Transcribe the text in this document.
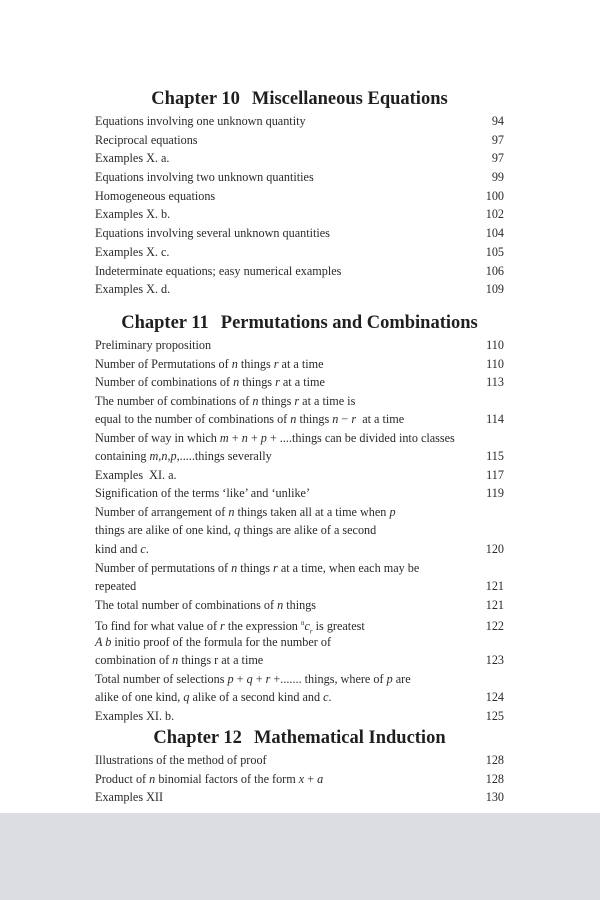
Chapter 10 Miscellaneous Equations
Equations involving one unknown quantity	94
Reciprocal equations	97
Examples X. a.	97
Equations involving two unknown quantities	99
Homogeneous equations	100
Examples X. b.	102
Equations involving several unknown quantities	104
Examples X. c.	105
Indeterminate equations; easy numerical examples	106
Examples X. d.	109
Chapter 11 Permutations and Combinations
Preliminary proposition	110
Number of Permutations of n things r at a time	110
Number of combinations of n things r at a time	113
The number of combinations of n things r at a time is
equal to the number of combinations of n things n − r  at a time	114
Number of way in which m + n + p + ....things can be divided into classes
containing m,n,p,.....things severally	115
Examples  XI. a.	117
Signification of the terms ‘like’ and ‘unlike’	119
Number of arrangement of n things taken all at a time when p
things are alike of one kind, q things are alike of a second
kind and c.	120
Number of permutations of n things r at a time, when each may be
repeated	121
The total number of combinations of n things	121
To find for what value of r the expression $^nc_r$ is greatest	122
A b initio proof of the formula for the number of
combination of n things r at a time	123
Total number of selections p + q + r +....... things, where of p are
alike of one kind, q alike of a second kind and c.	124
Examples XI. b.	125
Chapter 12 Mathematical Induction
Illustrations of the method of proof	128
Product of n binomial factors of the form x + a	128
Examples XII	130
